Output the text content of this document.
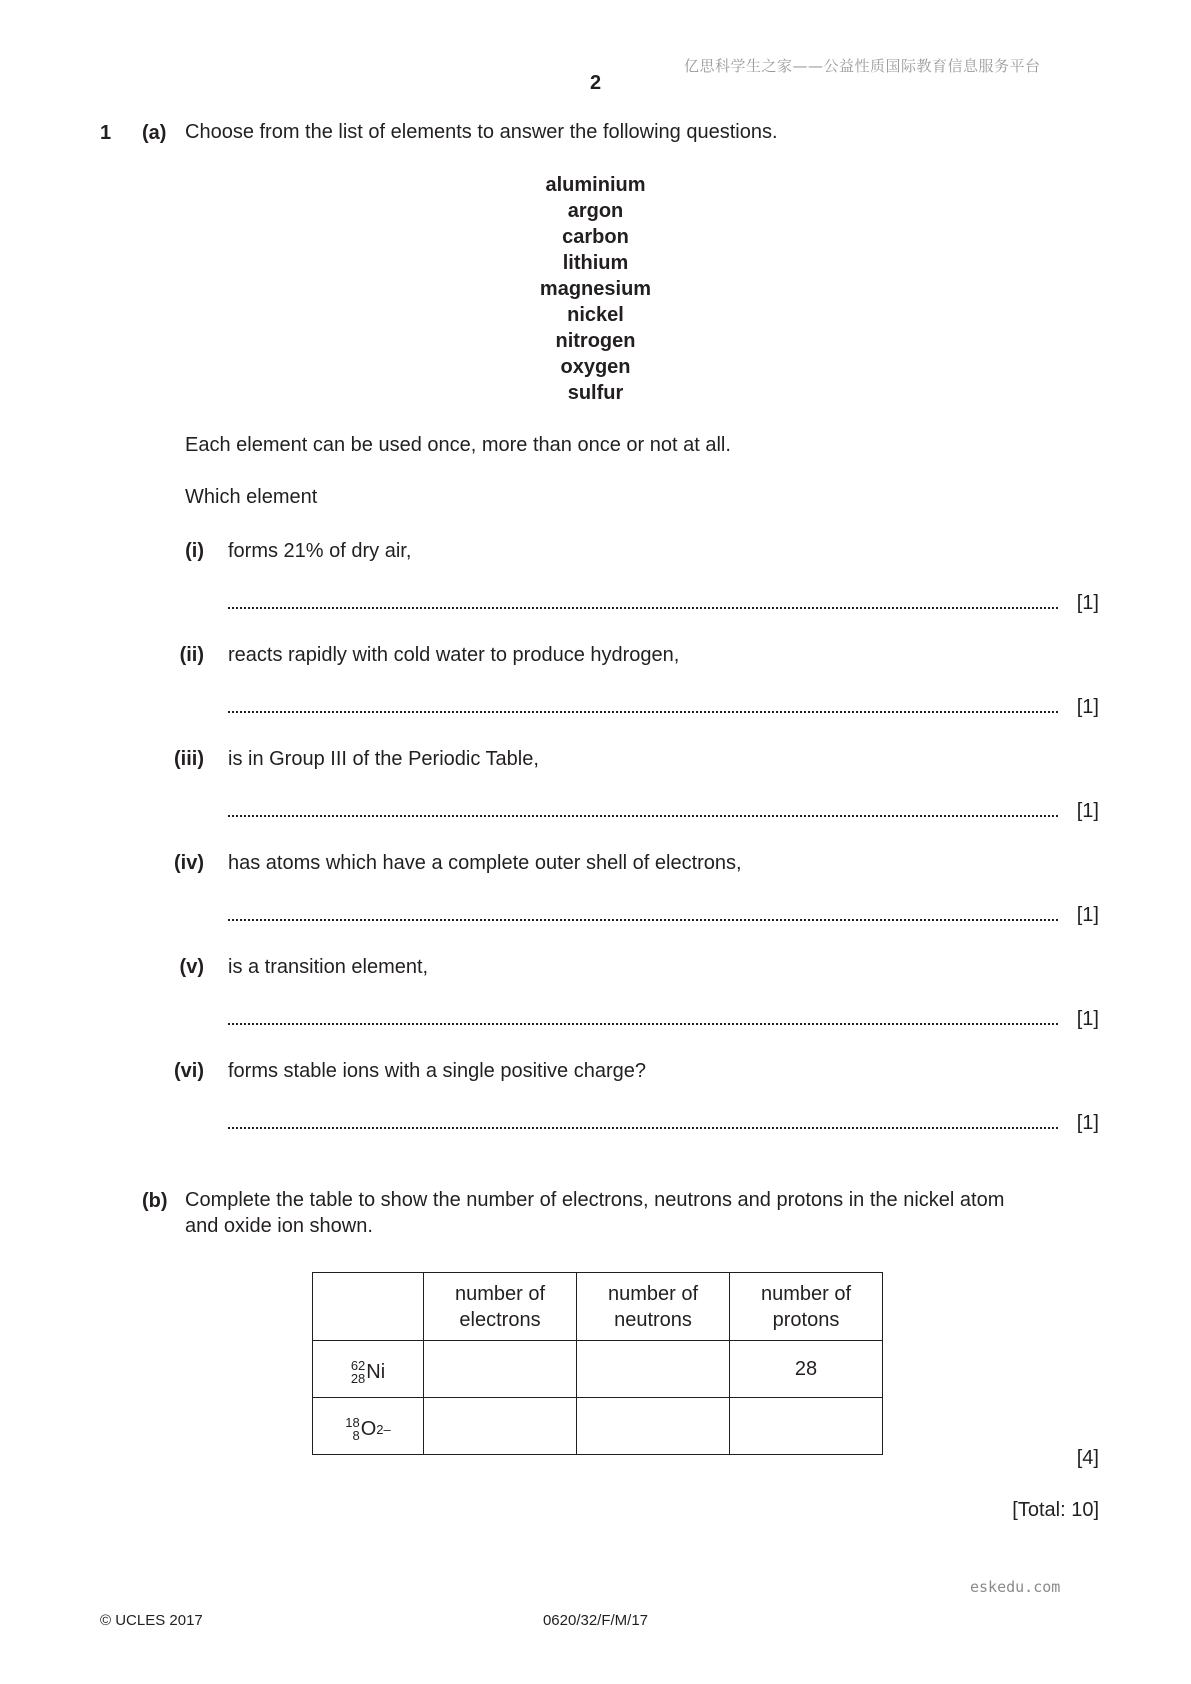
亿思科学生之家——公益性质国际教育信息服务平台
2
1 (a) Choose from the list of elements to answer the following questions.
aluminium
argon
carbon
lithium
magnesium
nickel
nitrogen
oxygen
sulfur
Each element can be used once, more than once or not at all.
Which element
(i) forms 21% of dry air,
[1]
(ii) reacts rapidly with cold water to produce hydrogen,
[1]
(iii) is in Group III of the Periodic Table,
[1]
(iv) has atoms which have a complete outer shell of electrons,
[1]
(v) is a transition element,
[1]
(vi) forms stable ions with a single positive charge?
[1]
(b) Complete the table to show the number of electrons, neutrons and protons in the nickel atom
and oxide ion shown.
	number of
electrons	number of
neutrons	number of
protons

62
28 Ni			28

18
8 O 2–			

[4]
[Total: 10]
eskedu.com
© UCLES 2017	0620/32/F/M/17
